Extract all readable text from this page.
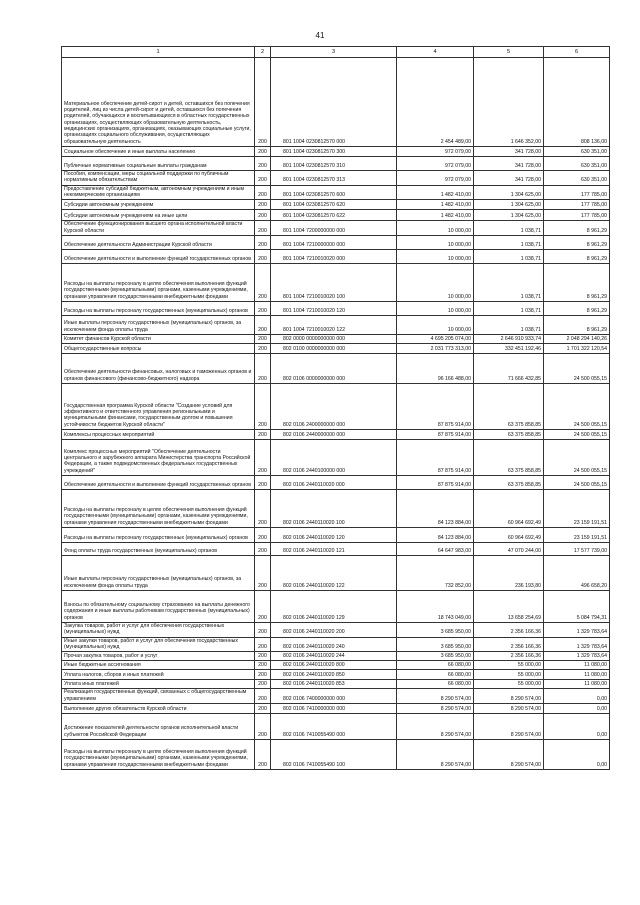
41
1	2	3	4	5	6
Материальное обеспечение детей-сирот и детей, оставшихся без попечения родителей, лиц из числа детей-сирот и детей, оставшихся без попечения родителей, обучающихся и воспитывающихся в областных государственных организациях, осуществляющих образовательную деятельность, медицинских организациях, организациях, оказывающих социальные услуги, организациях социального обслуживания, осуществляющих образовательную деятельность	200	801 1004 0230812570 000	2 454 489,00	1 646 352,00	808 136,00
Социальное обеспечение и иные выплаты населению	200	801 1004 0230812570 300	972 079,00	341 728,00	630 351,00
Публичные нормативные социальные выплаты гражданам	200	801 1004 0230812570 310	972 079,00	341 728,00	630 351,00
Пособия, компенсации, меры социальной поддержки по публичным нормативным обязательствам	200	801 1004 0230812570 313	972 079,00	341 728,00	630 351,00
Предоставление субсидий бюджетным, автономным учреждениям и иным некоммерческим организациям	200	801 1004 0230812570 600	1 482 410,00	1 304 625,00	177 785,00
Субсидии автономным учреждениям	200	801 1004 0230812570 620	1 482 410,00	1 304 625,00	177 785,00
Субсидии автономным учреждениям на иные цели	200	801 1004 0230812570 622	1 482 410,00	1 304 625,00	177 785,00
Обеспечение функционирования высшего органа исполнительной власти Курской области	200	801 1004 7200000000 000	10 000,00	1 038,71	8 961,29
Обеспечение деятельности Администрации Курской области	200	801 1004 7210000000 000	10 000,00	1 038,71	8 961,29
Обеспечение деятельности и выполнение функций государственных органов	200	801 1004 7210010020 000	10 000,00	1 038,71	8 961,29
Расходы на выплаты персоналу в целях обеспечения выполнения функций государственными (муниципальными) органами, казенными учреждениями, органами управления государственными внебюджетными фондами	200	801 1004 7210010020 100	10 000,00	1 038,71	8 961,29
Расходы на выплаты персоналу государственных (муниципальных) органов	200	801 1004 7210010020 120	10 000,00	1 038,71	8 961,29
Иные выплаты персоналу государственных (муниципальных) органов, за исключением фонда оплаты труда	200	801 1004 7210010020 122	10 000,00	1 038,71	8 961,29
Комитет финансов Курской области	200	802 0000 0000000000 000	4 695 205 074,00	2 646 910 933,74	2 048 294 140,26
Общегосударственные вопросы	200	802 0100 0000000000 000	2 031 773 313,00	332 451 192,46	1 701 322 120,54
Обеспечение деятельности финансовых, налоговых и таможенных органов и органов финансового (финансово-бюджетного) надзора	200	802 0106 0000000000 000	96 166 488,00	71 666 432,85	24 500 055,15
Государственная программа Курской области "Создание условий для эффективного и ответственного управления региональными и муниципальными финансами, государственным долгом и повышения устойчивости бюджетов Курской области"	200	802 0106 2400000000 000	87 875 914,00	63 375 858,85	24 500 055,15
Комплексы процессных мероприятий	200	802 0106 2440000000 000	87 875 914,00	63 375 858,85	24 500 055,15
Комплекс процессных мероприятий "Обеспечение деятельности центрального и зарубежного аппарата Министерства транспорта Российской Федерации, а также подведомственных федеральных государственных учреждений"	200	802 0106 2440100000 000	87 875 914,00	63 375 858,85	24 500 055,15
Обеспечение деятельности и выполнение функций государственных органов	200	802 0106 2440110020 000	87 875 914,00	63 375 858,85	24 500 055,15
Расходы на выплаты персоналу в целях обеспечения выполнения функций государственными (муниципальными) органами, казенными учреждениями, органами управления государственными внебюджетными фондами	200	802 0106 2440110020 100	84 123 884,00	60 964 692,49	23 159 191,51
Расходы на выплаты персоналу государственных (муниципальных) органов	200	802 0106 2440110020 120	84 123 884,00	60 964 692,49	23 159 191,51
Фонд оплаты труда государственных (муниципальных) органов	200	802 0106 2440110020 121	64 647 983,00	47 070 244,00	17 577 739,00
Иные выплаты персоналу государственных (муниципальных) органов, за исключением фонда оплаты труда	200	802 0106 2440110020 122	732 852,00	236 193,80	496 658,20
Взносы по обязательному социальному страхованию на выплаты денежного содержания и иные выплаты работникам государственных (муниципальных) органов	200	802 0106 2440110020 129	18 743 049,00	13 658 254,69	5 084 794,31
Закупка товаров, работ и услуг для обеспечения государственных (муниципальных) нужд	200	802 0106 2440110020 200	3 685 950,00	2 356 166,36	1 329 783,64
Иные закупки товаров, работ и услуг для обеспечения государственных (муниципальных) нужд	200	802 0106 2440110020 240	3 685 950,00	2 356 166,36	1 329 783,64
Прочая закупка товаров, работ и услуг	200	802 0106 2440110020 244	3 685 950,00	2 356 166,36	1 329 783,64
Иные бюджетные ассигнования	200	802 0106 2440110020 800	66 080,00	55 000,00	11 080,00
Уплата налогов, сборов и иных платежей	200	802 0106 2440110020 850	66 080,00	55 000,00	11 080,00
Уплата иных платежей	200	802 0106 2440110020 853	66 080,00	55 000,00	11 080,00
Реализация государственных функций, связанных с общегосударственным управлением	200	802 0106 7400000000 000	8 290 574,00	8 290 574,00	0,00
Выполнение других обязательств Курской области	200	802 0106 7410000000 000	8 290 574,00	8 290 574,00	0,00
Достижение показателей деятельности органов исполнительной власти субъектов Российской Федерации	200	802 0106 7410055490 000	8 290 574,00	8 290 574,00	0,00
Расходы на выплаты персоналу в целях обеспечения выполнения функций государственными (муниципальными) органами, казенными учреждениями, органами управления государственными внебюджетными фондами	200	802 0106 7410055490 100	8 290 574,00	8 290 574,00	0,00
